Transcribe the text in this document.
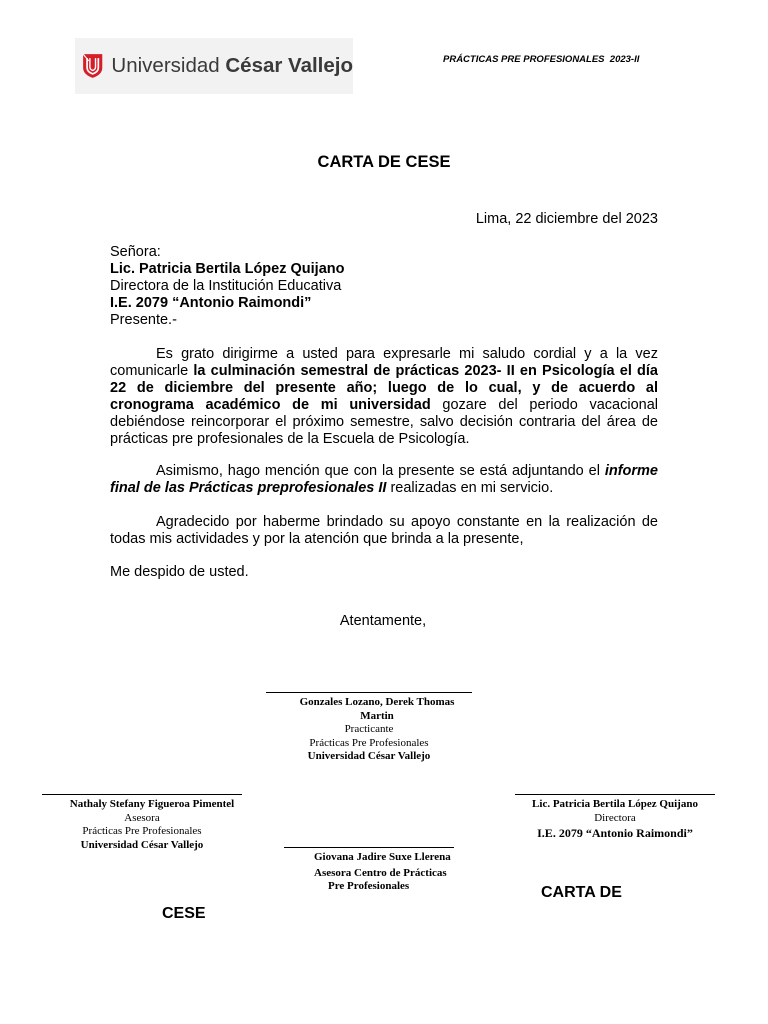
Universidad César Vallejo	PRÁCTICAS PRE PROFESIONALES  2023-II
CARTA DE CESE
Lima, 22 diciembre del 2023
Señora:
Lic. Patricia Bertila López Quijano
Directora de la Institución Educativa
I.E. 2079 “Antonio Raimondi”
Presente.-
Es grato dirigirme a usted para expresarle mi saludo cordial y a la vez comunicarle la culminación semestral de prácticas 2023- II en Psicología el día 22 de diciembre del presente año; luego de lo cual, y de acuerdo al cronograma académico de mi universidad gozare del periodo vacacional debiéndose reincorporar el próximo semestre, salvo decisión contraria del área de prácticas pre profesionales de la Escuela de Psicología.
Asimismo, hago mención que con la presente se está adjuntando el informe final de las Prácticas preprofesionales II realizadas en mi servicio.
Agradecido por haberme brindado su apoyo constante en la realización de todas mis actividades y por la atención que brinda a la presente,
Me despido de usted.
Atentamente,
Gonzales Lozano, Derek Thomas Martin
Practicante
Prácticas Pre Profesionales
Universidad César Vallejo
Nathaly Stefany Figueroa Pimentel
Asesora
Prácticas Pre Profesionales
Universidad César Vallejo
Lic. Patricia Bertila López Quijano
Directora
I.E. 2079 “Antonio Raimondi”
Giovana Jadire Suxe Llerena
Asesora Centro de Prácticas
Pre Profesionales	CARTA DE
CESE
